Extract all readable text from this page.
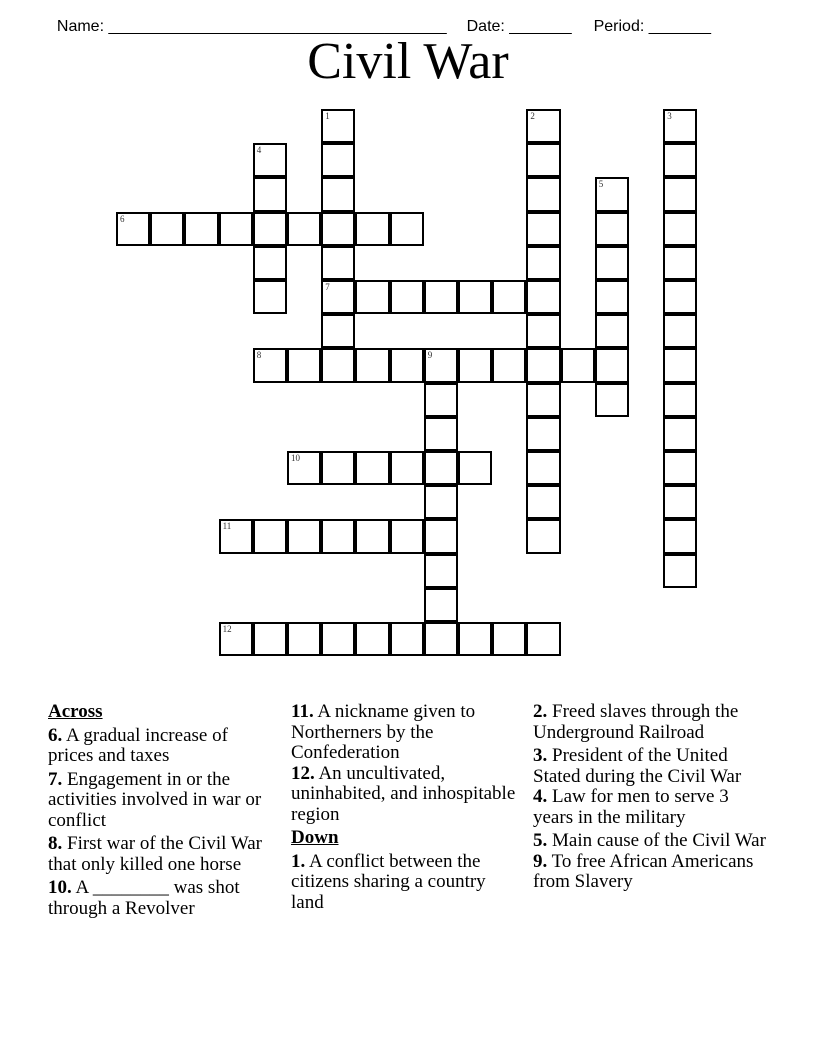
Name: ______________________________________ Date: _______ Period: _______

Civil War
6
7
8	9
10
11
12
1	2	3
4
5
Across
6. A gradual increase of prices and taxes
7. Engagement in or the activities involved in war or conflict
8. First war of the Civil War that only killed one horse
10. A ________ was shot through a Revolver
11. A nickname given to Northerners by the Confederation
12. An uncultivated, uninhabited, and inhospitable region
Down
1. A conflict between the citizens sharing a country land
2. Freed slaves through the Underground Railroad
3. President of the United Stated during the Civil War
4. Law for men to serve 3 years in the military
5. Main cause of the Civil War
9. To free African Americans from Slavery
